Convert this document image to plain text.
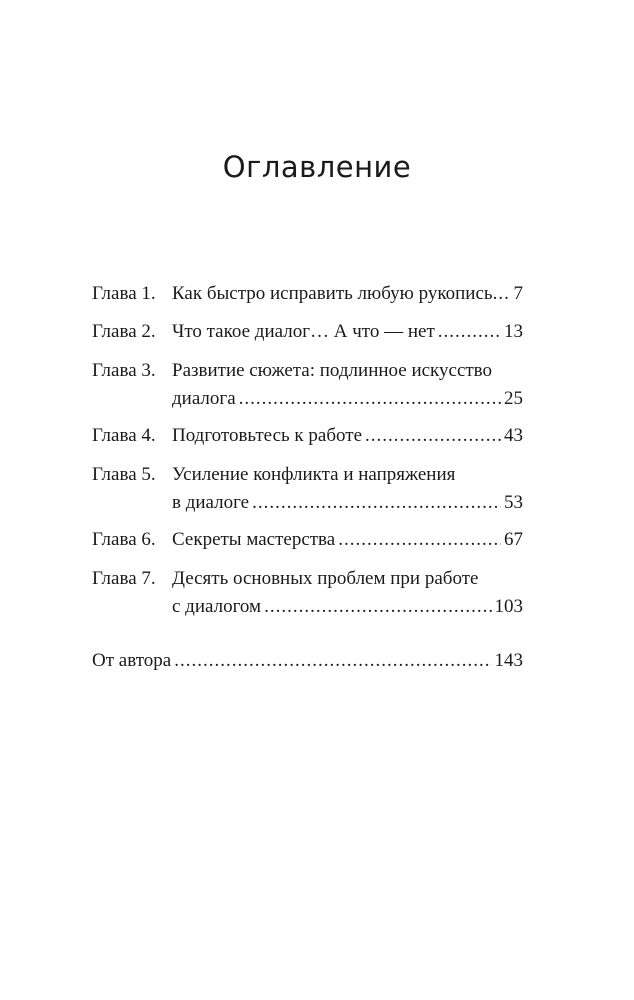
Оглавление
Глава 1. Как быстро исправить любую рукопись ..... 7
Глава 2. Что такое диалог… А что — нет .....	13
Глава 3. Развитие сюжета: подлинное искусство
диалога .....	25
Глава 4. Подготовьтесь к работе .....	43
Глава 5. Усиление конфликта и напряжения
в диалоге .....	53
Глава 6. Секреты мастерства .....	67
Глава 7. Десять основных проблем при работе
с диалогом .....	103
От автора .....	143
